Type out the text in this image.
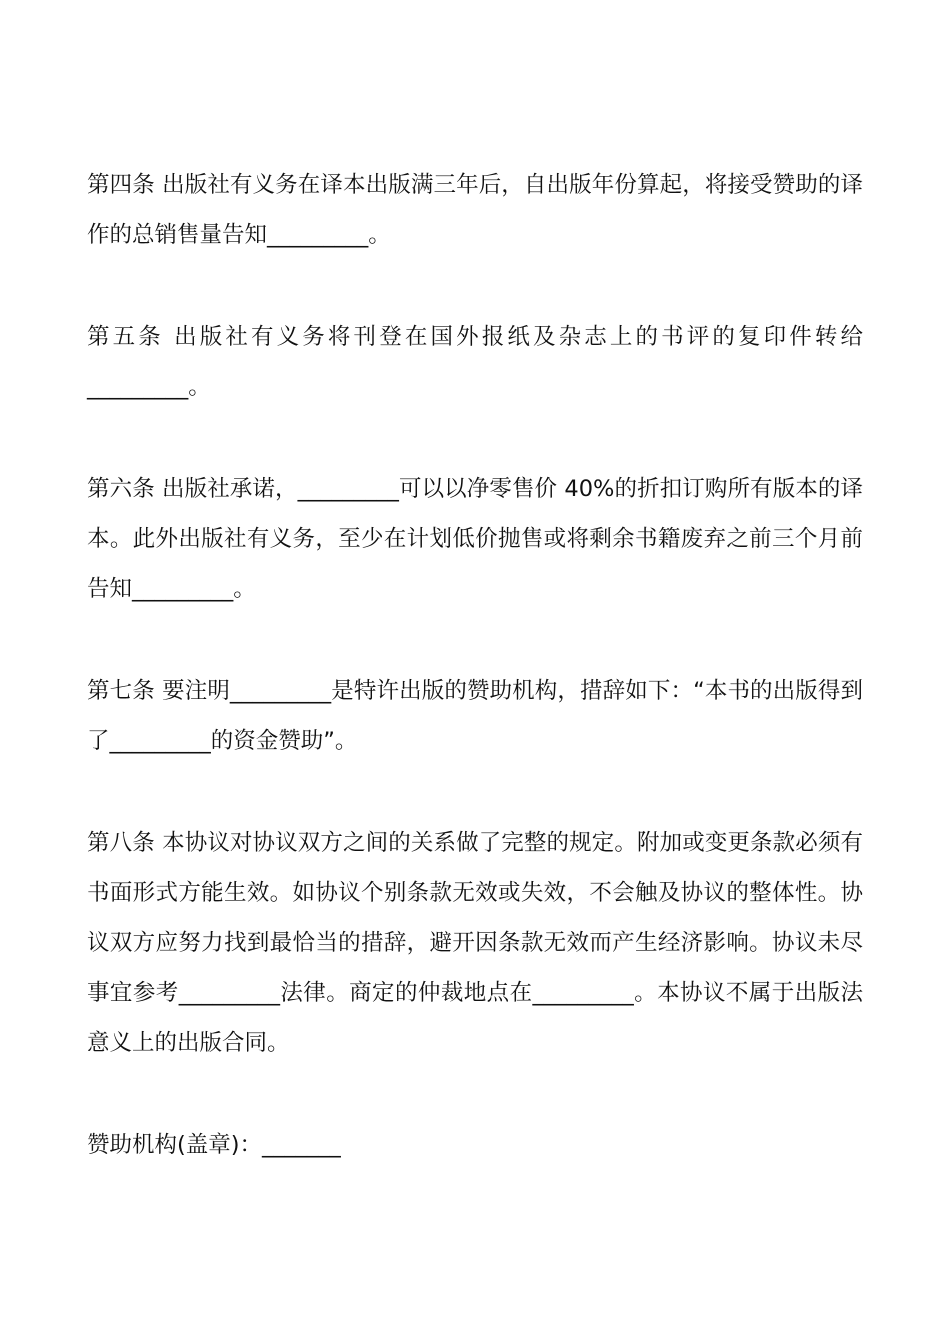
第四条 出版社有义务在译本出版满三年后，自出版年份算起，将接受赞助的译作的总销售量告知_________。

第五条 出版社有义务将刊登在国外报纸及杂志上的书评的复印件转给_________。

第六条 出版社承诺，_________可以以净零售价 40%的折扣订购所有版本的译本。此外出版社有义务，至少在计划低价抛售或将剩余书籍废弃之前三个月前告知_________。

第七条 要注明_________是特许出版的赞助机构，措辞如下：“本书的出版得到了_________的资金赞助”。

第八条 本协议对协议双方之间的关系做了完整的规定。附加或变更条款必须有书面形式方能生效。如协议个别条款无效或失效，不会触及协议的整体性。协议双方应努力找到最恰当的措辞，避开因条款无效而产生经济影响。协议未尽事宜参考_________法律。商定的仲裁地点在_________。本协议不属于出版法意义上的出版合同。

赞助机构(盖章)：_______
